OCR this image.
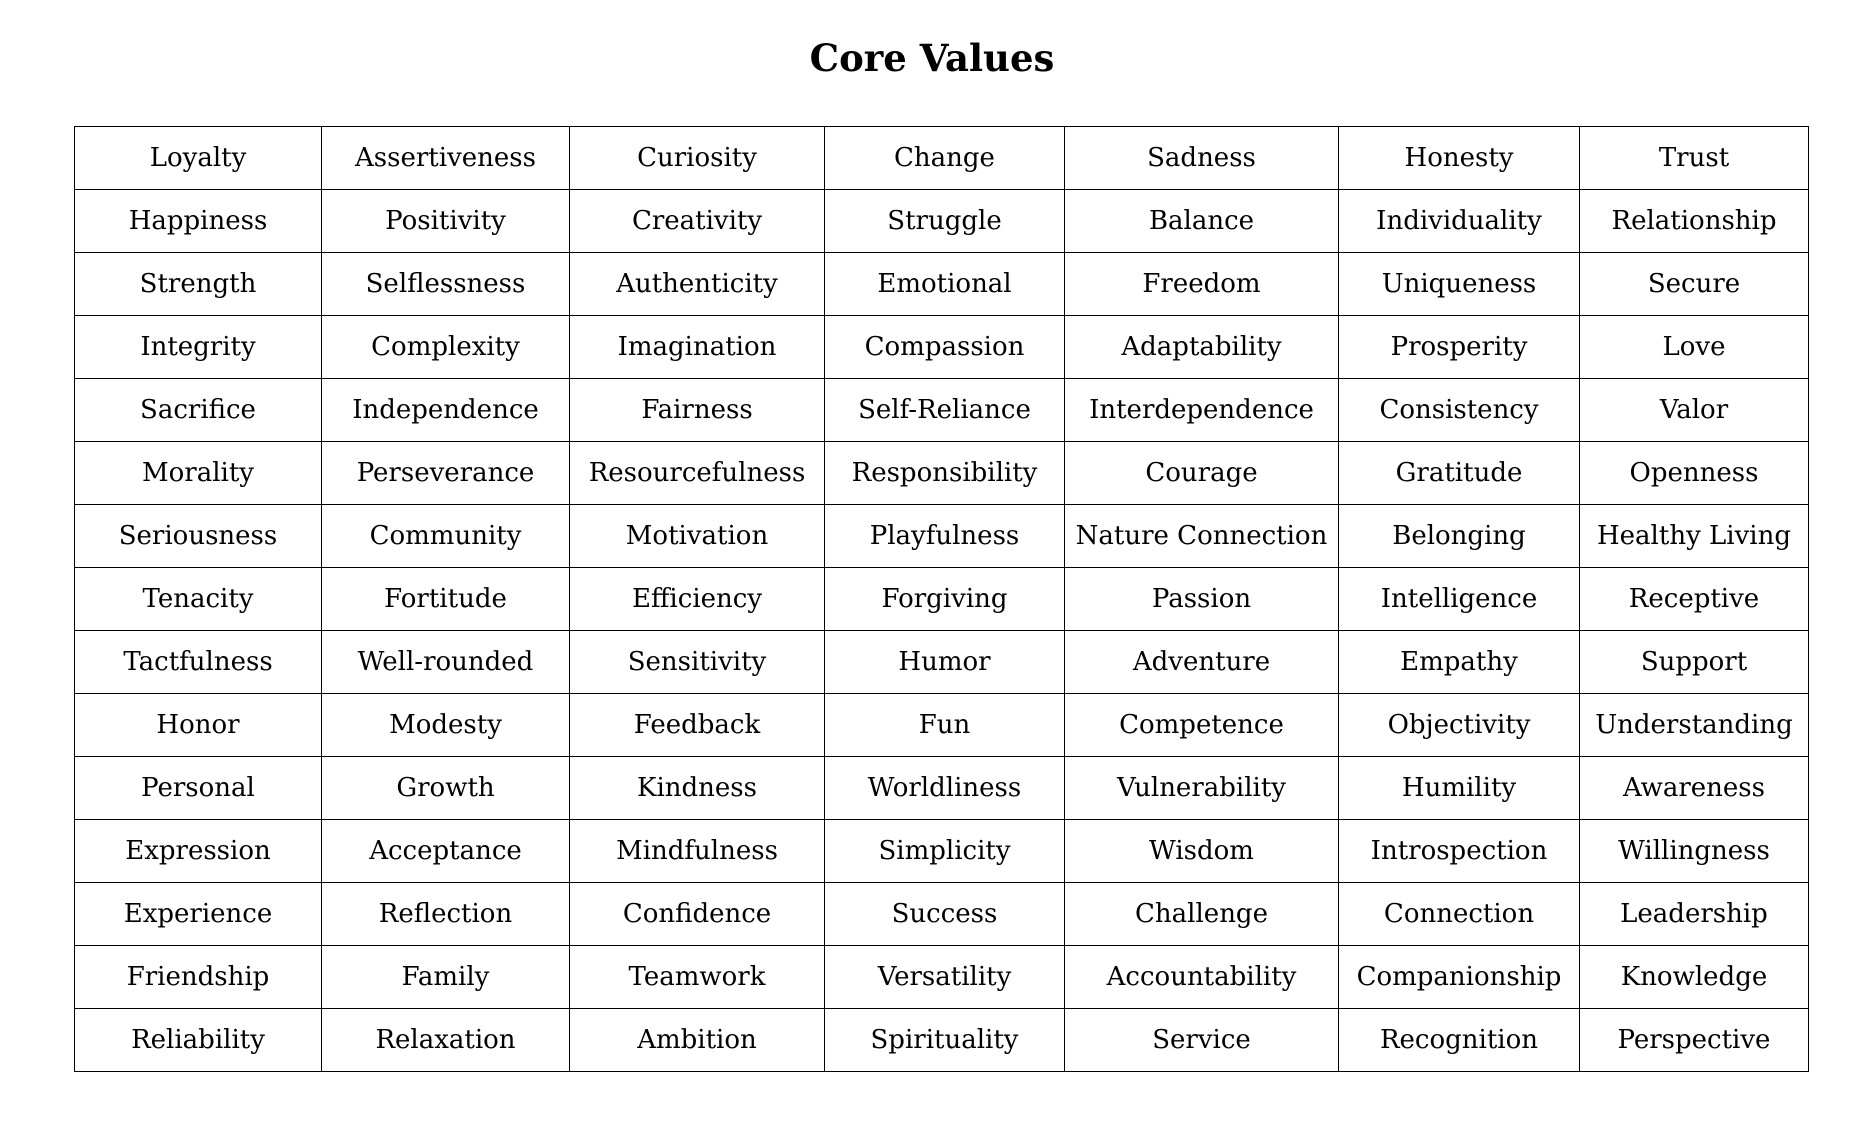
Core Values
Loyalty	Assertiveness	Curiosity	Change	Sadness	Honesty	Trust
Happiness	Positivity	Creativity	Struggle	Balance	Individuality	Relationship
Strength	Selflessness	Authenticity	Emotional	Freedom	Uniqueness	Secure
Integrity	Complexity	Imagination	Compassion	Adaptability	Prosperity	Love
Sacrifice	Independence	Fairness	Self-Reliance	Interdependence	Consistency	Valor
Morality	Perseverance	Resourcefulness	Responsibility	Courage	Gratitude	Openness
Seriousness	Community	Motivation	Playfulness	Nature Connection	Belonging	Healthy Living
Tenacity	Fortitude	Efficiency	Forgiving	Passion	Intelligence	Receptive
Tactfulness	Well-rounded	Sensitivity	Humor	Adventure	Empathy	Support
Honor	Modesty	Feedback	Fun	Competence	Objectivity	Understanding
Personal	Growth	Kindness	Worldliness	Vulnerability	Humility	Awareness
Expression	Acceptance	Mindfulness	Simplicity	Wisdom	Introspection	Willingness
Experience	Reflection	Confidence	Success	Challenge	Connection	Leadership
Friendship	Family	Teamwork	Versatility	Accountability	Companionship	Knowledge
Reliability	Relaxation	Ambition	Spirituality	Service	Recognition	Perspective
